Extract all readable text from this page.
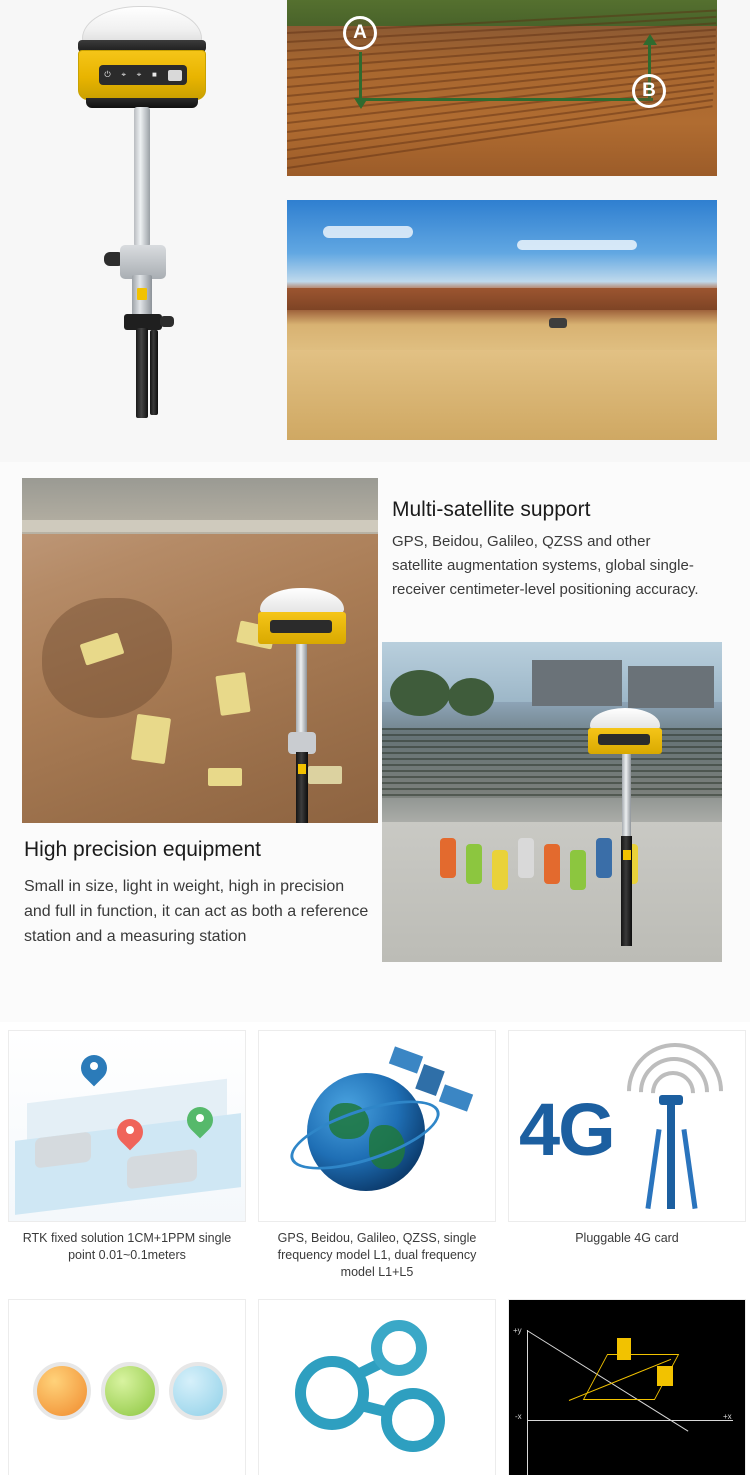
⏻ ⌖ ⌖ ■
A
B
Multi-satellite support
GPS, Beidou, Galileo, QZSS and other satellite augmentation systems, global single-receiver centimeter-level positioning accuracy.
High precision equipment
Small in size, light in weight, high in precision and full in function, it can act as both a reference station and a measuring station
RTK fixed solution 1CM+1PPM single point 0.01~0.1meters
GPS, Beidou, Galileo, QZSS, single frequency model L1, dual frequency model L1+L5
4G
Pluggable 4G card
+y
+x
-x
